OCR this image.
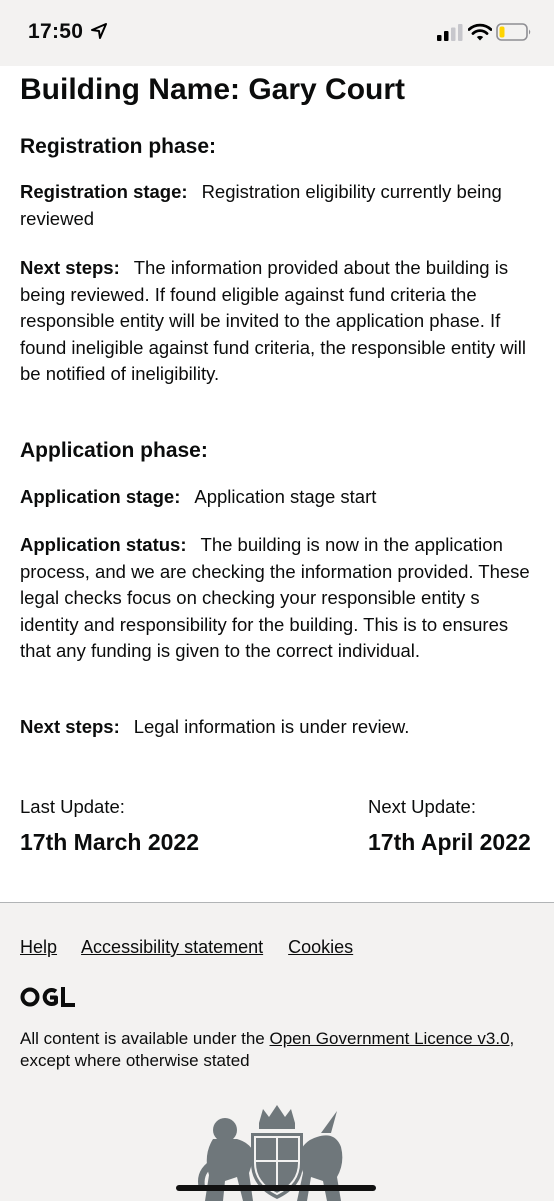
17:50
Building Name: Gary Court
Registration phase:

Registration stage: Registration eligibility currently being reviewed

Next steps: The information provided about the building is being reviewed. If found eligible against fund criteria the responsible entity will be invited to the application phase. If found ineligible against fund criteria, the responsible entity will be notified of ineligibility.

Application phase:

Application stage: Application stage start

Application status: The building is now in the application process, and we are checking the information provided. These legal checks focus on checking your responsible entity s identity and responsibility for the building. This is to ensures that any funding is given to the correct individual.

Next steps: Legal information is under review.

Last Update:
17th March 2022
Next Update:
17th April 2022
Help Accessibility statement Cookies
All content is available under the Open Government Licence v3.0, except where otherwise stated
